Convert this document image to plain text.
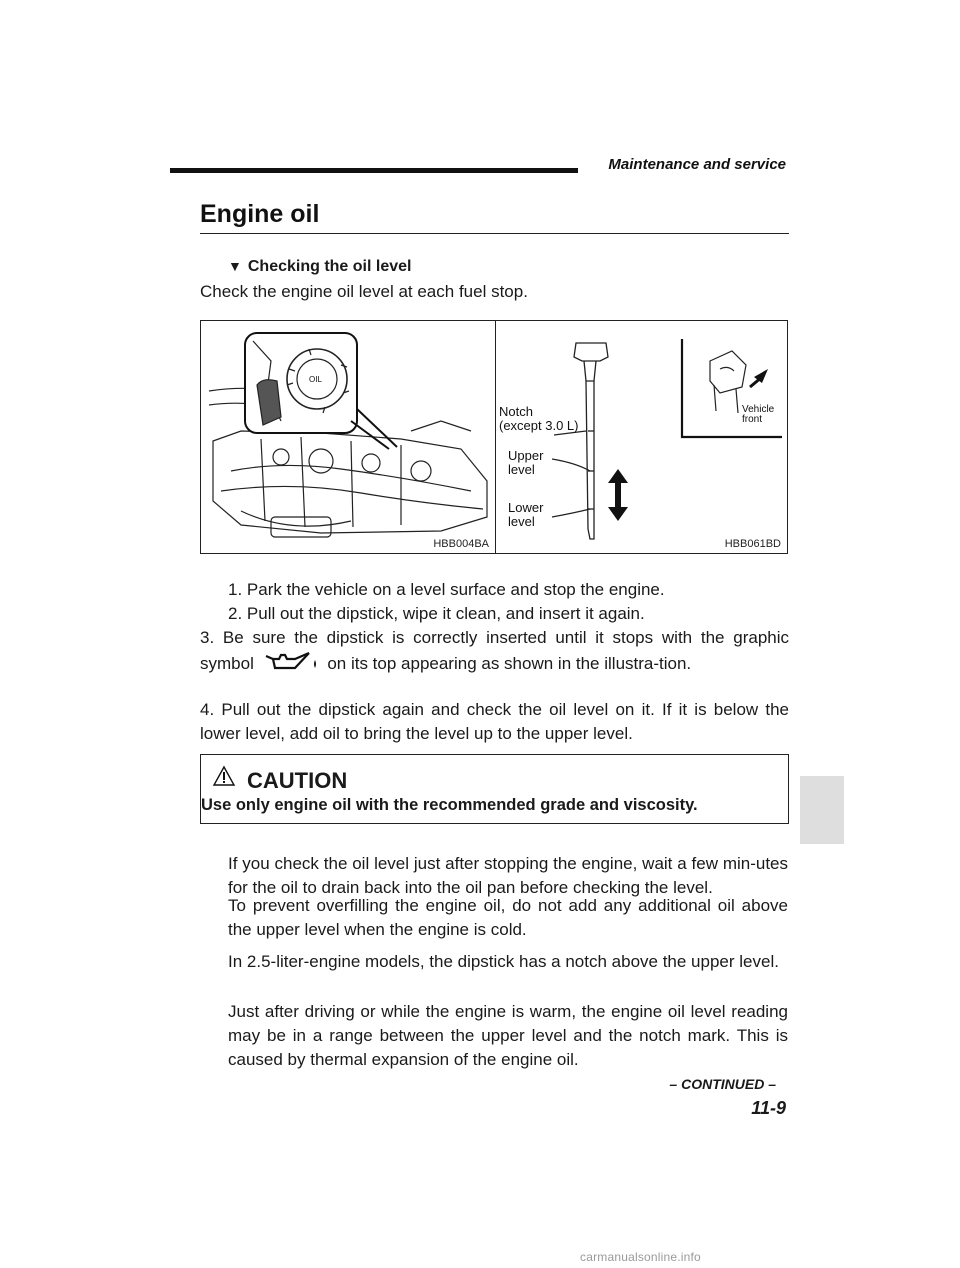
Maintenance and service
Engine oil
▼ Checking the oil level
Check the engine oil level at each fuel stop.
OIL
HBB004BA
Notch
(except 3.0 L)
Upper
level
Lower
level
Vehicle
front
HBB061BD
1. Park the vehicle on a level surface and stop the engine.
2. Pull out the dipstick, wipe it clean, and insert it again.
3. Be sure the dipstick is correctly inserted until it stops with the graphic symbol	on its top appearing as shown in the illustra-tion.
4. Pull out the dipstick again and check the oil level on it. If it is below the lower level, add oil to bring the level up to the upper level.
CAUTION
Use only engine oil with the recommended grade and viscosity.
If you check the oil level just after stopping the engine, wait a few min-utes for the oil to drain back into the oil pan before checking the level.
To prevent overfilling the engine oil, do not add any additional oil above the upper level when the engine is cold.
In 2.5-liter-engine models, the dipstick has a notch above the upper level.
Just after driving or while the engine is warm, the engine oil level reading may be in a range between the upper level and the notch mark. This is caused by thermal expansion of the engine oil.
– CONTINUED –
11-9
carmanualsonline.info
